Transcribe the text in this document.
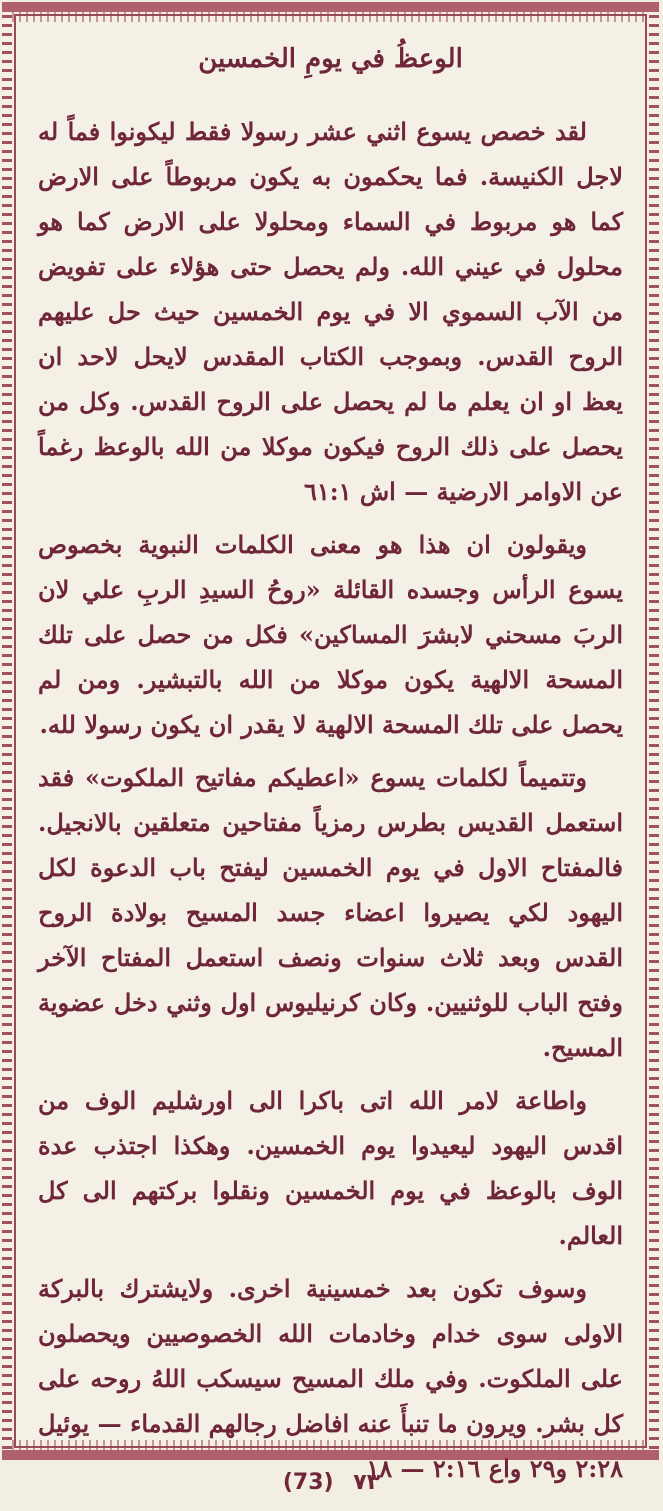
الوعظُ في يومِ الخمسين

لقد خصص يسوع اثني عشر رسولا فقط ليكونوا فماً له لاجل الكنيسة. فما يحكمون به يكون مربوطاً على الارض كما هو مربوط في السماء ومحلولا على الارض كما هو محلول في عيني الله. ولم يحصل حتى هؤلاء على تفويض من الآب السموي الا في يوم الخمسين حيث حل عليهم الروح القدس. وبموجب الكتاب المقدس لايحل لاحد ان يعظ او ان يعلم ما لم يحصل على الروح القدس. وكل من يحصل على ذلك الروح فيكون موكلا من الله بالوعظ رغماً عن الاوامر الارضية — اش ٦١:١

ويقولون ان هذا هو معنى الكلمات النبوية بخصوص يسوع الرأس وجسده القائلة «روحُ السيدِ الربِ علي لان الربَ مسحني لابشرَ المساكين» فكل من حصل على تلك المسحة الالهية يكون موكلا من الله بالتبشير. ومن لم يحصل على تلك المسحة الالهية لا يقدر ان يكون رسولا لله.

وتتميماً لكلمات يسوع «اعطيكم مفاتيح الملكوت» فقد استعمل القديس بطرس رمزياً مفتاحين متعلقين بالانجيل. فالمفتاح الاول في يوم الخمسين ليفتح باب الدعوة لكل اليهود لكي يصيروا اعضاء جسد المسيح بولادة الروح القدس وبعد ثلاث سنوات ونصف استعمل المفتاح الآخر وفتح الباب للوثنيين. وكان كرنيليوس اول وثني دخل عضوية المسيح.

واطاعة لامر الله اتى باكرا الى اورشليم الوف من اقدس اليهود ليعيدوا يوم الخمسين. وهكذا اجتذب عدة الوف بالوعظ في يوم الخمسين ونقلوا بركتهم الى كل العالم.

وسوف تكون بعد خمسينية اخرى. ولايشترك بالبركة الاولى سوى خدام وخادمات الله الخصوصيين ويحصلون على الملكوت. وفي ملك المسيح سيسكب اللهُ روحه على كل بشر. ويرون ما تنبأَ عنه افاضل رجالهم القدماء — يوئيل ٢:٢٨ و٢٩ واع ٢:١٦ — ١٨

(73) ٧٣
